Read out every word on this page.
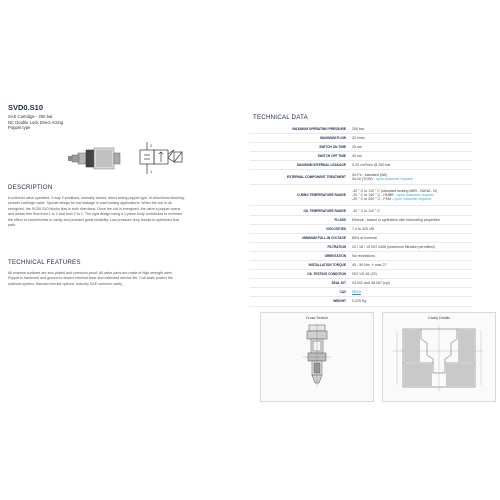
SVD0.S10
SAE Cartridge - 250 bar
NC Double Lock Direct Acting
Poppet type
2
1
DESCRIPTION
A solenoid valve operated, 2-way 2-positions, normally closed, direct acting poppet type, bi-directional blocking,
screwin cartridge valve. Special design for low leakage in load holding applications. When the coil is de-
energized, the SVD0.S10 blocks flow in both directions. Once the coil is energized, the valve's poppet opens
and allows free flow from 1 to 2 and from 2 to 1. The rigid design using a 1-piece body contributes to minimize
the effect of eccentricities in cavity and provides great reliability. Low pressure drop thanks to optimized flow
path.
TECHNICAL FEATURES
All external surfaces are zinc-plated and corrosion-proof. All valve parts are made of high strength steel.
Poppet is hardened and ground to ensure minimal wear and extended service life. Coil seals protect the
solenoid system. Manual override options. Industry SAE common cavity.
TECHNICAL DATA
MAXIMUM OPERATING PRESSURE	250 bar
MAXIMUM FLOW	20 l/min
SWITCH ON TIME	25 ms
SWITCH OFF TIME	40 ms
MAXIMUM INTERNAL LEAKAGE	0,25 cm³/min @ 250 bar
EXTERNAL COMPONENT TREATMENT	Zn-Fe - standard (Wk)
Zn-Ni (TGW) - upon customer request

O-RING TEMPERATURE RANGE	-30 ° C to 110 ° C (standard sealing NBR - BUNA - N)
-20 ° C to 140 ° C - HNBR - upon customer request
-20 ° C to 200 ° C - FKM - upon customer request

OIL TEMPERATURE RANGE	-30 ° C to 110 ° C
FLUIDS	Mineral - based or synthetics with lubricating properties
VISCOSITIES	7,4 to 420 cSt
MINIMUM PULL-IN VOLTAGE	85% of nominal
FILTRATION	20 / 18 / 15 ISO 4406 (maximum filtration permitted)
ORIENTATION	No restrictions
INSTALLATION TORQUE	45 - 50 Nm ↗ max 27
OIL TESTING CONDITION	ISO VG 46 (32)
SEAL KIT	04.002 and 38.087 (cyl)
CAV	SE10
WEIGHT	0,225 Kg
Cross Section	Cavity Details
